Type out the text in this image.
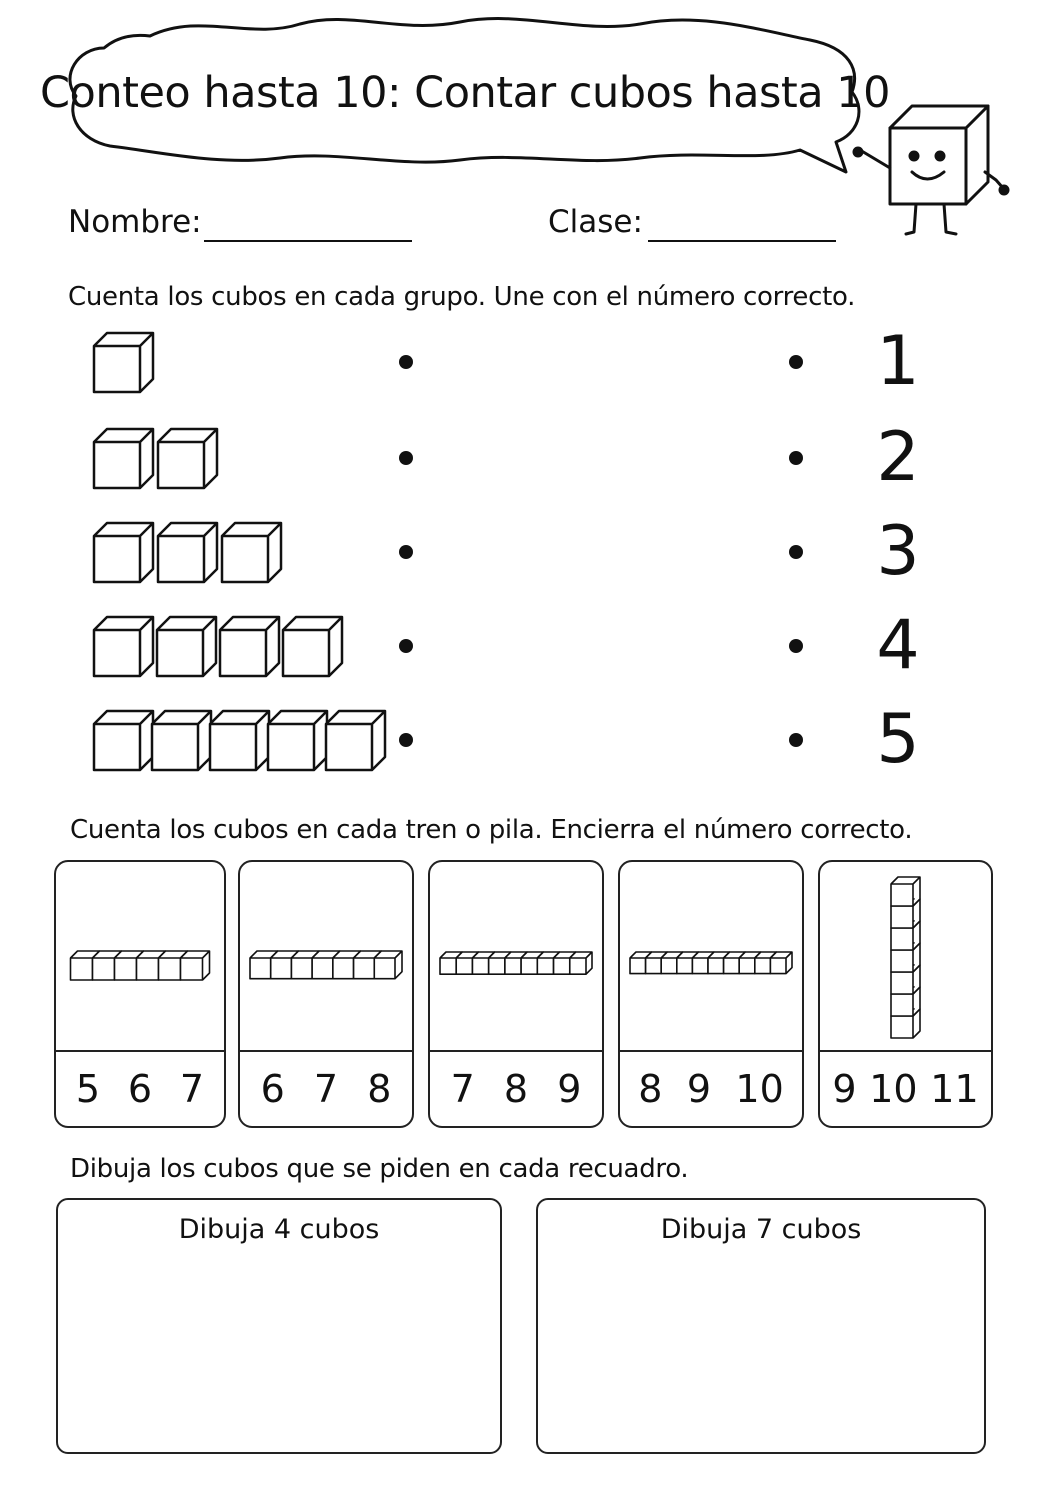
Conteo hasta 10: Contar cubos hasta 10
Nombre:	Clase:
Cuenta los cubos en cada grupo. Une con el número correcto.
1
2
3
4
5
Cuenta los cubos en cada tren o pila. Encierra el número correcto.
5 6 7 6 7 8 7 8 9 8 9 10 9 10 11
Dibuja los cubos que se piden en cada recuadro.
Dibuja 4 cubos	Dibuja 7 cubos
